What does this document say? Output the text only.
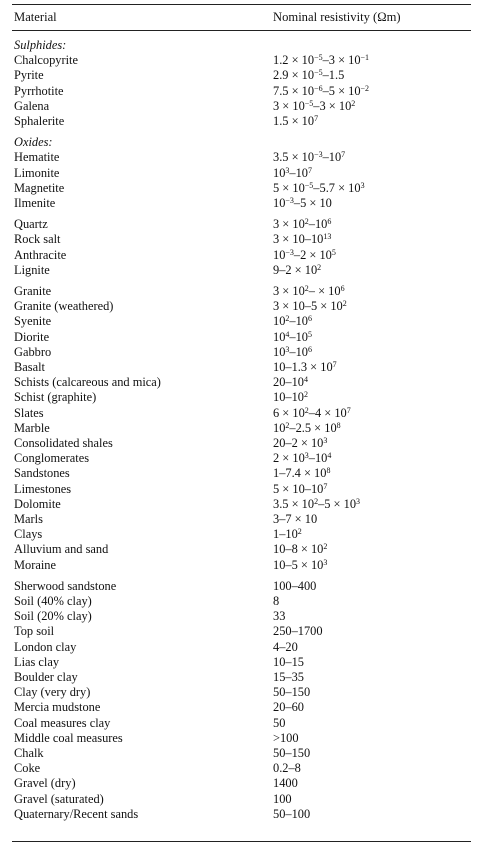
Material	Nominal resistivity (Ωm)
Sulphides:
Chalcopyrite	$1.2 \times 10^{-5}-3 \times 10^{-1}$
Pyrite	$2.9 \times 10^{-5}-1.5$
Pyrrhotite	$7.5 \times 10^{-6}-5 \times 10^{-2}$
Galena	$3 \times 10^{-5}-3 \times 10^2$
Sphalerite	$1.5 \times 10^7$
Oxides:
Hematite	$3.5 \times 10^{-3}-10^7$
Limonite	$10^3-10^7$
Magnetite	$5 \times 10^{-5}-5.7 \times 10^3$
Ilmenite	$10^{-3}-5 \times 10$
Quartz	$3 \times 10^2-10^6$
Rock salt	$3 \times 10-10^{13}$
Anthracite	$10^{-3}-2 \times 10^5$
Lignite	$9-2 \times 10^2$
Granite	$3 \times 10^2- \times 10^6$
Granite (weathered)	$3 \times 10-5 \times 10^2$
Syenite	$10^2-10^6$
Diorite	$10^4-10^5$
Gabbro	$10^3-10^6$
Basalt	$10-1.3 \times 10^7$
Schists (calcareous and mica)	$20-10^4$
Schist (graphite)	$10-10^2$
Slates	$6 \times 10^2-4 \times 10^7$
Marble	$10^2-2.5 \times 10^8$
Consolidated shales	$20-2 \times 10^3$
Conglomerates	$2 \times 10^3-10^4$
Sandstones	$1-7.4 \times 10^8$
Limestones	$5 \times 10-10^7$
Dolomite	$3.5 \times 10^2-5 \times 10^3$
Marls	3–7 × 10
Clays	$1-10^2$
Alluvium and sand	$10-8 \times 10^2$
Moraine	$10-5 \times 10^3$
Sherwood sandstone	100–400
Soil (40% clay)	8
Soil (20% clay)	33
Top soil	250–1700
London clay	4–20
Lias clay	10–15
Boulder clay	15–35
Clay (very dry)	50–150
Mercia mudstone	20–60
Coal measures clay	50
Middle coal measures	>100
Chalk	50–150
Coke	0.2–8
Gravel (dry)	1400
Gravel (saturated)	100
Quaternary/Recent sands	50–100
